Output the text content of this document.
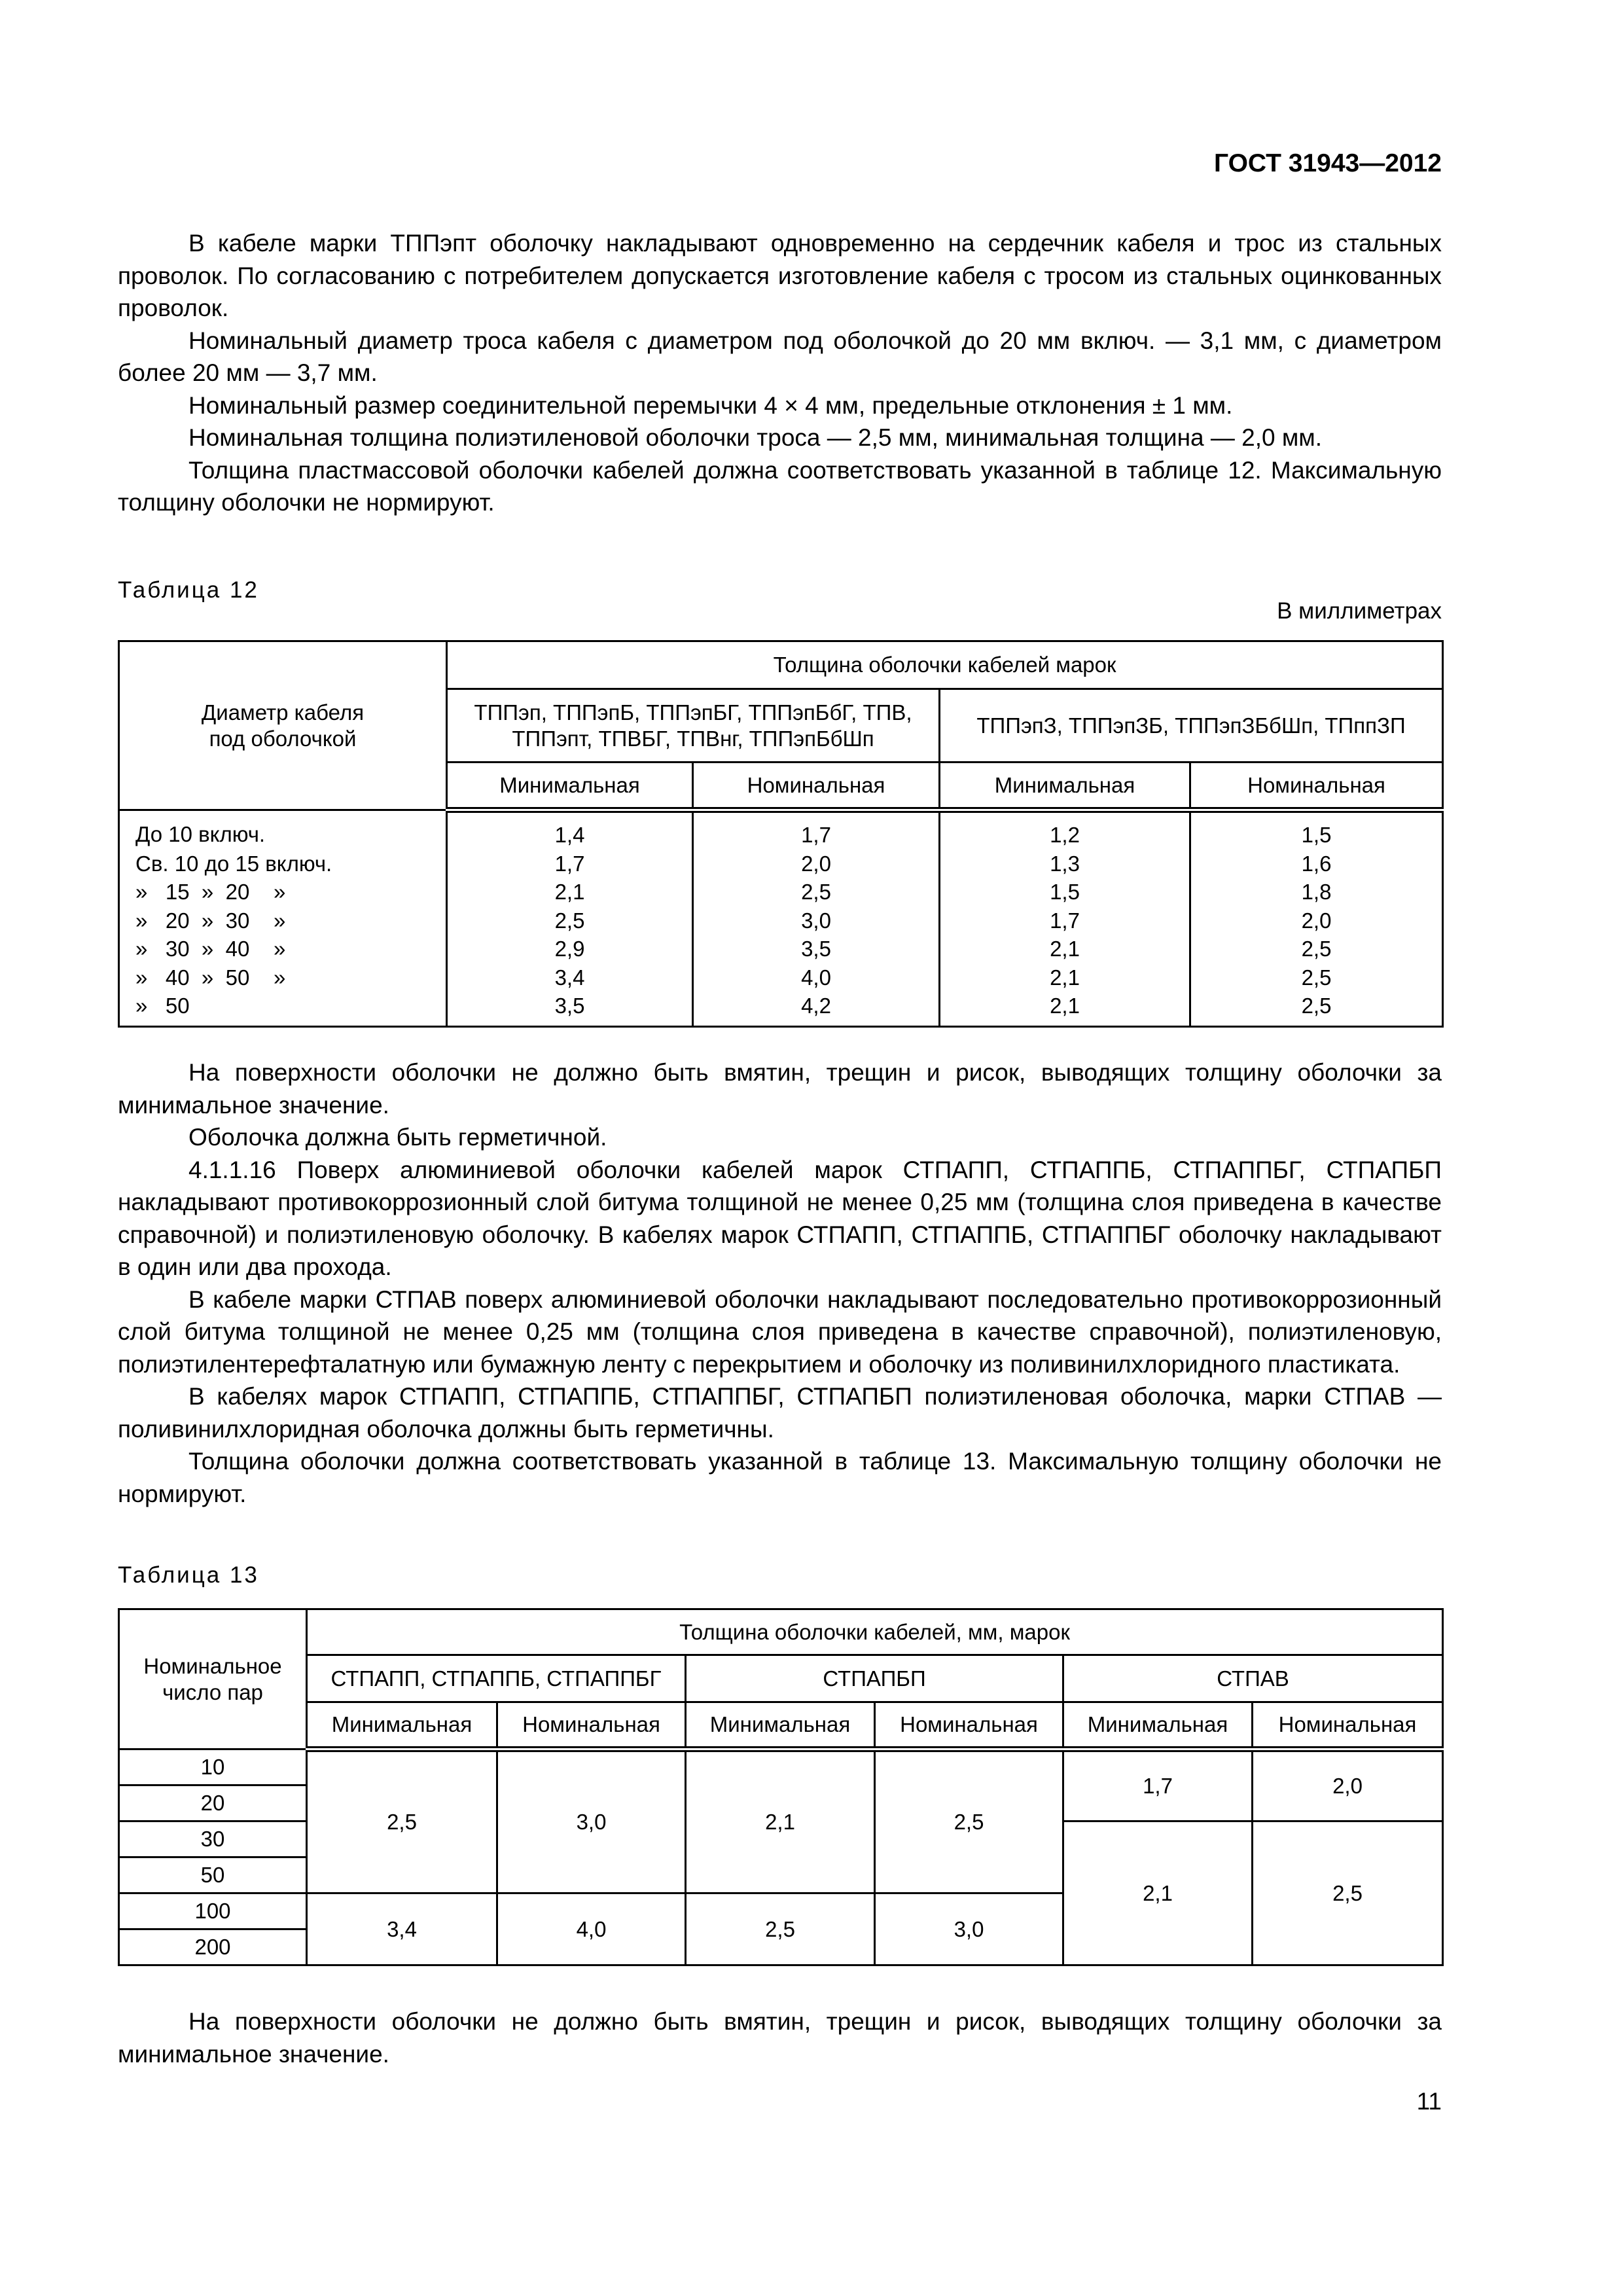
ГОСТ 31943—2012

В кабеле марки ТППэпт оболочку накладывают одновременно на сердечник кабеля и трос из стальных проволок. По согласованию с потребителем допускается изготовление кабеля с тросом из стальных оцинкованных проволок.

Номинальный диаметр троса кабеля с диаметром под оболочкой до 20 мм включ. — 3,1 мм, с диаметром более 20 мм — 3,7 мм.

Номинальный размер соединительной перемычки 4 × 4 мм, предельные отклонения ± 1 мм.

Номинальная толщина полиэтиленовой оболочки троса — 2,5 мм, минимальная толщина — 2,0 мм.

Толщина пластмассовой оболочки кабелей должна соответствовать указанной в таблице 12. Максимальную толщину оболочки не нормируют.

Таблица 12
В миллиметрах
Диаметр кабеля под оболочкой	Толщина оболочки кабелей марок			
	ТППэп, ТППэпБ, ТППэпБГ, ТППэпБбГ, ТПВ, ТППэпт, ТПВБГ, ТПВнг, ТППэпБбШп		ТППэпЗ, ТППэпЗБ, ТППэпЗБбШп, ТПппЗП	
	Минимальная	Номинальная	Минимальная	Номинальная
До 10 включ.	1,4	1,7	1,2	1,5
Св. 10 до 15 включ.	1,7	2,0	1,3	1,6
»   15  »  20    »	2,1	2,5	1,5	1,8
»   20  »  30    »	2,5	3,0	1,7	2,0
»   30  »  40    »	2,9	3,5	2,1	2,5
»   40  »  50    »	3,4	4,0	2,1	2,5
»   50	3,5	4,2	2,1	2,5

На поверхности оболочки не должно быть вмятин, трещин и рисок, выводящих толщину оболочки за минимальное значение.

Оболочка должна быть герметичной.

4.1.1.16 Поверх алюминиевой оболочки кабелей марок СТПАПП, СТПАППБ, СТПАППБГ, СТПАПБП накладывают противокоррозионный слой битума толщиной не менее 0,25 мм (толщина слоя приведена в качестве справочной) и полиэтиленовую оболочку. В кабелях марок СТПАПП, СТПАППБ, СТПАППБГ оболочку накладывают в один или два прохода.

В кабеле марки СТПАВ поверх алюминиевой оболочки накладывают последовательно противокоррозионный слой битума толщиной не менее 0,25 мм (толщина слоя приведена в качестве справочной), полиэтиленовую, полиэтилентерефталатную или бумажную ленту с перекрытием и оболочку из поливинилхлоридного пластиката.

В кабелях марок СТПАПП, СТПАППБ, СТПАППБГ, СТПАПБП полиэтиленовая оболочка, марки СТПАВ — поливинилхлоридная оболочка должны быть герметичны.

Толщина оболочки должна соответствовать указанной в таблице 13. Максимальную толщину оболочки не нормируют.

Таблица 13
Номинальное число пар	Толщина оболочки кабелей, мм, марок					
	СТПАПП, СТПАППБ, СТПАППБГ		СТПАПБП		СТПАВ	
	Минимальная	Номинальная	Минимальная	Номинальная	Минимальная	Номинальная
10	2,5	3,0	2,1	2,5	1,7	2,0
20						
30					2,1	2,5
50						
100	3,4	4,0	2,5	3,0		
200						

На поверхности оболочки не должно быть вмятин, трещин и рисок, выводящих толщину оболочки за минимальное значение.

11
